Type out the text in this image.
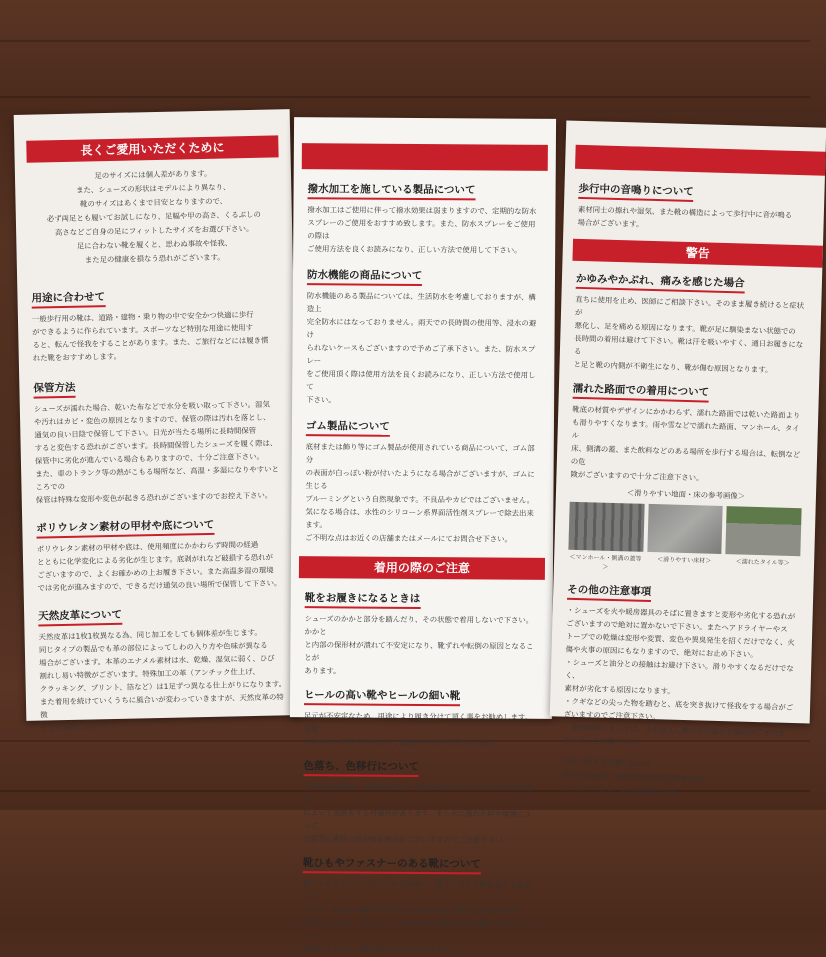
長くご愛用いただくために

足のサイズには個人差があります。

また、シューズの形状はモデルにより異なり、

靴のサイズはあくまで目安となりますので、

必ず両足とも履いてお試しになり、足幅や甲の高さ、くるぶしの

高さなどご自身の足にフィットしたサイズをお選び下さい。

足に合わない靴を履くと、思わぬ事故や怪我、

また足の健康を損なう恐れがございます。

用途に合わせて

一般歩行用の靴は、道路・建物・乗り物の中で安全かつ快適に歩行

ができるように作られています。スポーツなど特別な用途に使用す

ると、転んで怪我をすることがあります。また、ご旅行などには履き慣

れた靴をおすすめします。

保管方法

シューズが濡れた場合、乾いた布などで水分を吸い取って下さい。湿気

や汚れはカビ・変色の原因となりますので、保管の際は汚れを落とし、

通気の良い日陰で保管して下さい。日光が当たる場所に長時間保管

すると変色する恐れがございます。長時間保管したシューズを履く際は、

保管中に劣化が進んでいる場合もありますので、十分ご注意下さい。

また、車のトランク等の熱がこもる場所など、高温・多湿になりやすいところでの

保管は特殊な変形や変色が起きる恐れがございますのでお控え下さい。

ポリウレタン素材の甲材や底について

ポリウレタン素材の甲材や底は、使用頻度にかかわらず時間の経過

とともに化学変化による劣化が生じます。底剥がれなど破損する恐れが

ございますので、よくお確かめの上お履き下さい。また高温多湿の環境

では劣化が進みますので、できるだけ通気の良い場所で保管して下さい。

天然皮革について

天然皮革は1枚1枚異なる為、同じ加工をしても個体差が生じます。

同じタイプの製品でも革の部位によってしわの入り方や色味が異なる

場合がございます。本革のエナメル素材は水、乾燥、湿気に弱く、ひび

割れし易い特徴がございます。特殊加工の革（アンチック仕上げ、

クラッキング、プリント、箔など）は1足ずつ異なる仕上がりになります。

また着用を続けていくうちに風合いが変わっていきますが、天然皮革の特徴

としてお楽しみ下さい。

撥水加工を施している製品について

撥水加工はご使用に伴って撥水効果は弱まりますので、定期的な防水

スプレーのご使用をおすすめ致します。また、防水スプレーをご使用の際は

ご使用方法を良くお読みになり、正しい方法で使用して下さい。

防水機能の商品について

防水機能のある製品については、生活防水を考慮しておりますが、構造上

完全防水にはなっておりません。雨天での長時間の使用等、浸水の避け

られないケースもございますので予めご了承下さい。また、防水スプレー

をご使用頂く際は使用方法を良くお読みになり、正しい方法で使用して

下さい。

ゴム製品について

底材または飾り等にゴム製品が使用されている商品について、ゴム部分

の表面が白っぽい粉が付いたようになる場合がございますが、ゴムに生じる

ブルーミングという自然現象です。不良品やカビではございません。

気になる場合は、水性のシリコーン系界面活性剤スプレーで除去出来ます。

ご不明な点はお近くの店舗またはメールにてお問合せ下さい。

着用の際のご注意
靴をお履きになるときは

シューズのかかと部分を踏んだり、その状態で着用しないで下さい。かかと

と内部の保形材が潰れて不安定になり、靴ずれや転倒の原因となることが

あります。

ヒールの高い靴やヒールの細い靴

足元が不安定なため、用途により履き分けて頂く事をお勧めします。用途

にあわない着用をされますと破損や怪我の原因となります。

色落ち、色移行について

天然皮革や綿布、合成樹脂等は、通常の使用においても発汗や経年変化

によって色落ちする可能性があります。また水に濡れた時や摩擦によって

衣類等に素材の色が移る場合がございますのでご注意下さい。

靴ひもやファスナーのある靴について

靴ひもやファスナーはしっかり締めて、緩んできたら締め直して着用して

下さい。緩めた状態で着用すると足を痛めたり思わぬ怪我や事故の

原因となります。またシューズを脱がれる際には必ず靴ひもやファスナー

を解いて下さい。靴を傷めることになります。

歩行中の音鳴りについて

素材同士の擦れや湿気、また靴の構造によって歩行中に音が鳴る

場合がございます。

警告
かゆみやかぶれ、痛みを感じた場合

直ちに使用を止め、医師にご相談下さい。そのまま履き続けると症状が

悪化し、足を痛める原因になります。靴が足に馴染まない状態での

長時間の着用は避けて下さい。靴は汗を吸いやすく、通日お履きになる

と足と靴の内側が不衛生になり、靴が傷む原因となります。

濡れた路面での着用について

靴底の材質やデザインにかかわらず、濡れた路面では乾いた路面より

も滑りやすくなります。雨や雪などで濡れた路面、マンホール、タイル

床、側溝の蓋、また飲料などのある場所を歩行する場合は、転倒などの危

険がございますので十分ご注意下さい。

＜滑りやすい地面・床の参考画像＞

＜マンホール・側溝の蓋等＞
＜滑りやすい床材＞	＜濡れたタイル等＞
その他の注意事項

・シューズを火や暖房器具のそばに置きますと変形や劣化する恐れが

ございますので絶対に置かないで下さい。またヘアドライヤーやス

トーブでの乾燥は変形や変質、変色や異臭発生を招くだけでなく、火

傷や火事の原因にもなりますので、絶対にお止め下さい。

・シューズと油分との接触はお避け下さい。滑りやすくなるだけでなく、

素材が劣化する原因になります。

・クギなどの尖った物を踏むと、底を突き抜けて怪我をする場合がご

ざいますのでご注意下さい。

・使用環境によっては、水が浸入し靴の中が濡れる場合がございま

すので、ご注意下さい。

内容に関するお問い合わせ

株式会社fitfit　東京都世田谷区用賀4-10-1

メールアドレス：info@fitfit.co.jp
